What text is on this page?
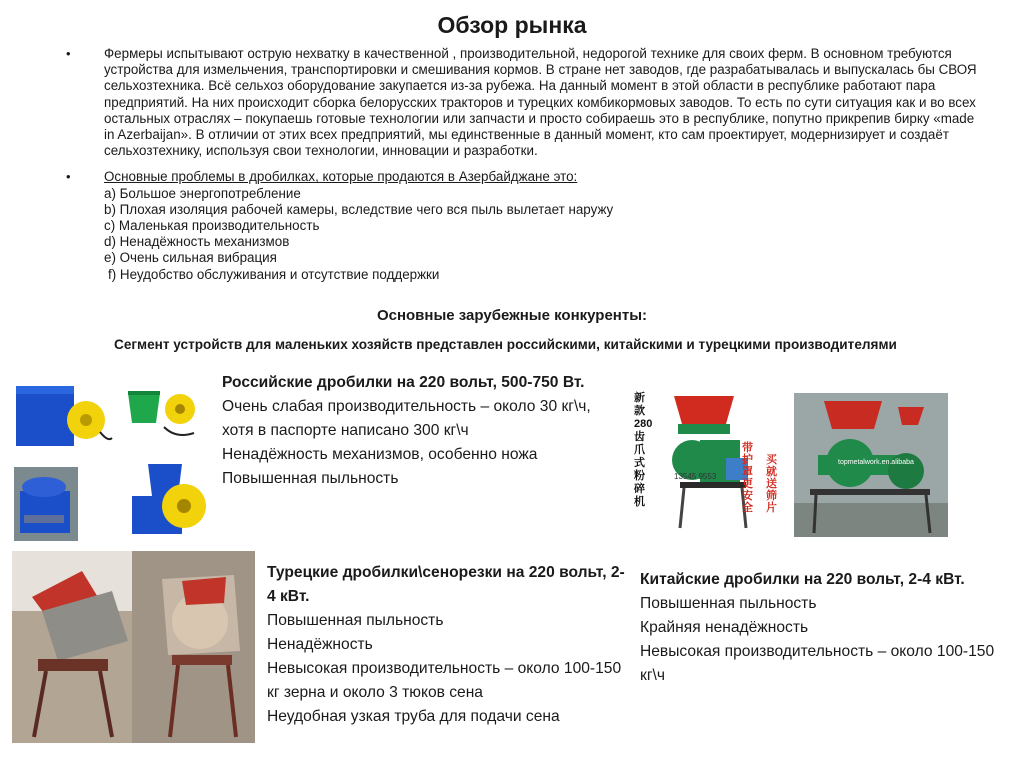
Обзор рынка
• Фермеры испытывают острую нехватку в качественной , производительной, недорогой технике для своих ферм. В основном требуются устройства для измельчения, транспортировки и смешивания кормов. В стране нет заводов, где разрабатывалась и выпускалась бы СВОЯ сельхозтехника. Всё сельхоз оборудование закупается из-за рубежа. На данный момент в этой области в республике работают пара предприятий. На них происходит сборка белорусских тракторов и турецких комбикормовых заводов. То есть по сути ситуация как и во всех остальных отраслях – покупаешь готовые технологии или запчасти и просто собираешь это в республике, попутно прикрепив бирку «made in Azerbaijan». В отличии от этих всех предприятий, мы единственные в данный момент, кто сам проектирует, модернизирует и создаёт сельхозтехнику, используя свои технологии, инновации и разработки.
• Основные проблемы в дробилках, которые продаются в Азербайджане это:
a) Большое энергопотребление
b) Плохая изоляция рабочей камеры, вследствие чего вся пыль вылетает наружу
c) Маленькая производительность
d) Ненадёжность механизмов
e) Очень сильная вибрация
f) Неудобство обслуживания и отсутствие поддержки
Основные зарубежные конкуренты:
Сегмент устройств для маленьких хозяйств представлен российскими, китайскими и турецкими производителями
Российские дробилки на 220 вольт, 500-750 Вт.
Очень слабая производительность – около 30 кг\ч, хотя в паспорте написано 300 кг\ч
Ненадёжность механизмов, особенно ножа
Повышенная пыльность
新款280齿爪式粉碎机
带护罩 更安全
买就送筛片
13545 9553
topmetalwork.en.alibaba
Турецкие дробилки\сенорезки на 220 вольт, 2-4 кВт.
Повышенная пыльность
Ненадёжность
Невысокая производительность – около 100-150 кг зерна и около 3 тюков сена
Неудобная узкая труба для подачи сена
Китайские дробилки на 220 вольт, 2-4 кВт.
Повышенная пыльность
Крайняя ненадёжность
Невысокая производительность – около 100-150 кг\ч
